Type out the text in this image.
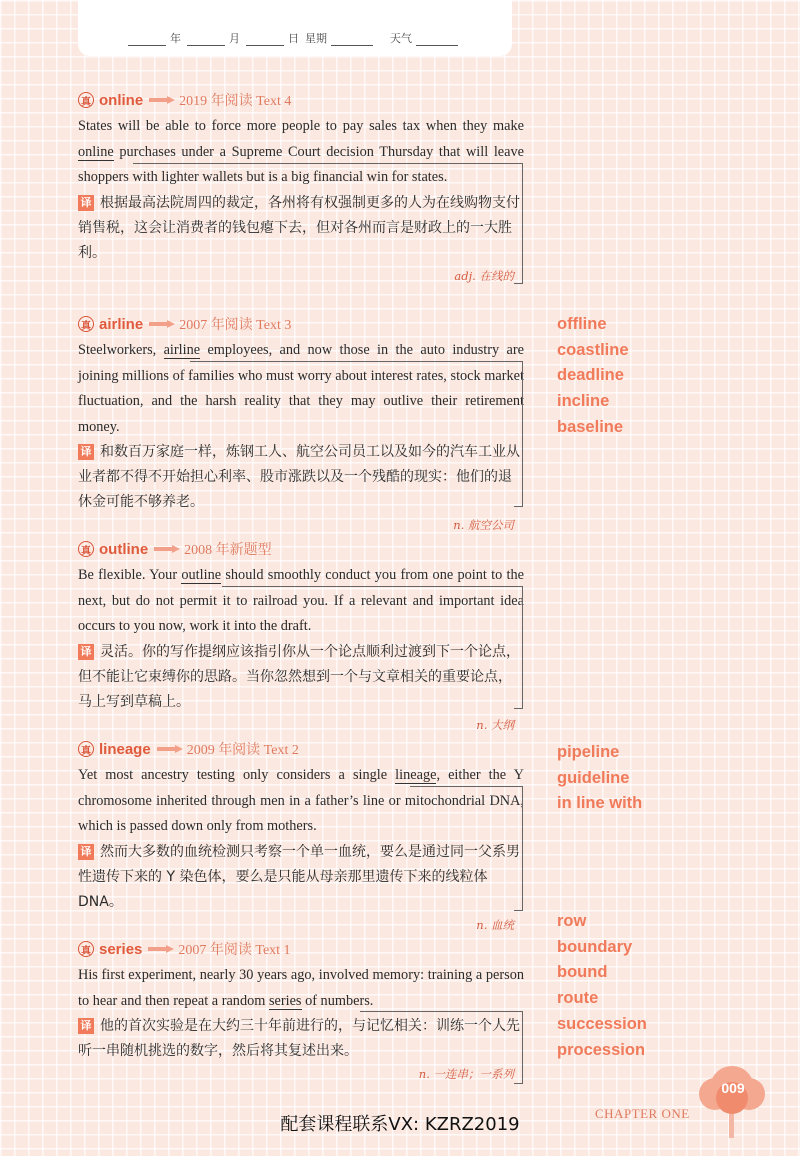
年	月	日 星期	天气
真 online	2019 年阅读 Text 4
States will be able to force more people to pay sales tax when they make online purchases under a Supreme Court decision Thursday that will leave shoppers with lighter wallets but is a big financial win for states.
译 根据最高法院周四的裁定，各州将有权强制更多的人为在线购物支付销售税，这会让消费者的钱包瘪下去，但对各州而言是财政上的一大胜利。
adj. 在线的
真 airline	2007 年阅读 Text 3
Steelworkers, airline employees, and now those in the auto industry are joining millions of families who must worry about interest rates, stock market fluctuation, and the harsh reality that they may outlive their retirement money.
译 和数百万家庭一样，炼钢工人、航空公司员工以及如今的汽车工业从业者都不得不开始担心利率、股市涨跌以及一个残酷的现实：他们的退休金可能不够养老。
n. 航空公司
真 outline	2008 年新题型
Be flexible. Your outline should smoothly conduct you from one point to the next, but do not permit it to railroad you. If a relevant and important idea occurs to you now, work it into the draft.
译 灵活。你的写作提纲应该指引你从一个论点顺利过渡到下一个论点，但不能让它束缚你的思路。当你忽然想到一个与文章相关的重要论点，马上写到草稿上。
n. 大纲
真 lineage	2009 年阅读 Text 2
Yet most ancestry testing only considers a single lineage, either the Y chromosome inherited through men in a father’s line or mitochondrial DNA, which is passed down only from mothers.
译 然而大多数的血统检测只考察一个单一血统，要么是通过同一父系男性遗传下来的 Y 染色体，要么是只能从母亲那里遗传下来的线粒体 DNA。
n. 血统
真 series	2007 年阅读 Text 1
His first experiment, nearly 30 years ago, involved memory: training a person to hear and then repeat a random series of numbers.
译 他的首次实验是在大约三十年前进行的，与记忆相关：训练一个人先听一串随机挑选的数字，然后将其复述出来。
n. 一连串；一系列
offline
coastline
deadline
incline
baseline
pipeline
guideline
in line with
row
boundary
bound
route
succession
procession
配套课程联系VX: KZRZ2019
CHAPTER ONE
009
